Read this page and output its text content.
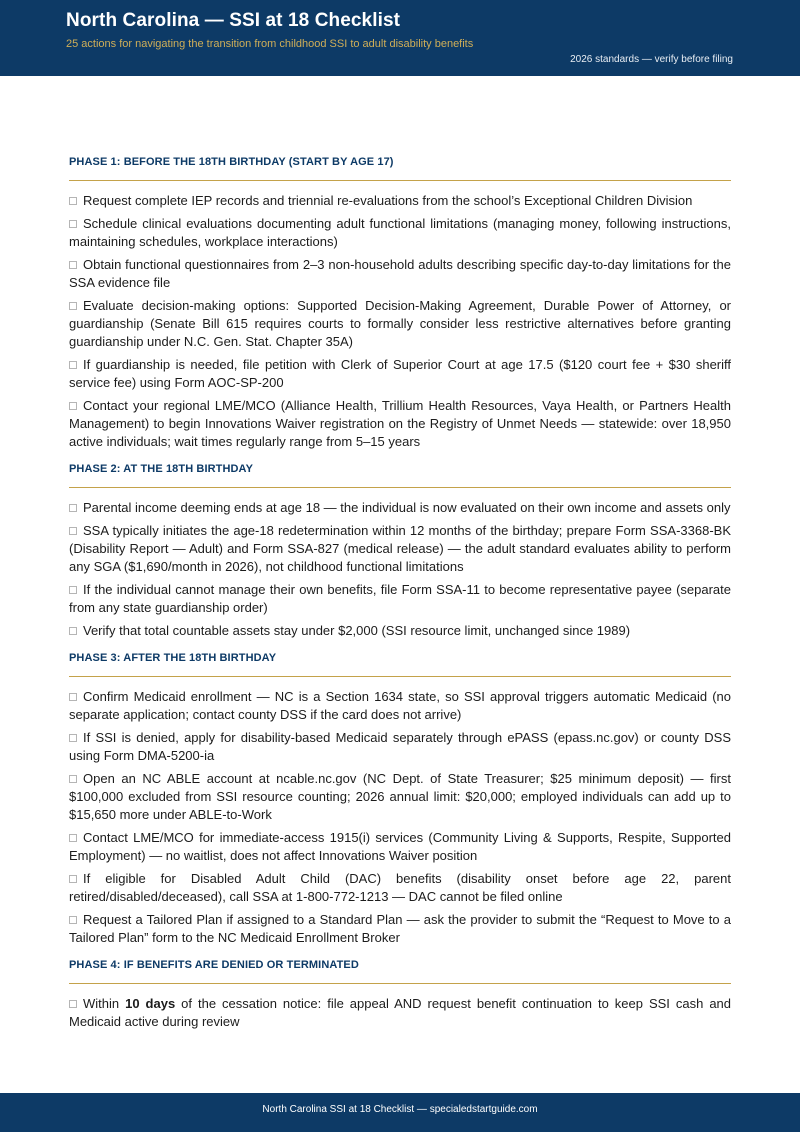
North Carolina — SSI at 18 Checklist
25 actions for navigating the transition from childhood SSI to adult disability benefits
2026 standards — verify before filing
PHASE 1: BEFORE THE 18TH BIRTHDAY (START BY AGE 17)
Request complete IEP records and triennial re-evaluations from the school’s Exceptional Children Division
Schedule clinical evaluations documenting adult functional limitations (managing money, following instructions, maintaining schedules, workplace interactions)
Obtain functional questionnaires from 2–3 non-household adults describing specific day-to-day limitations for the SSA evidence file
Evaluate decision-making options: Supported Decision-Making Agreement, Durable Power of Attorney, or guardianship (Senate Bill 615 requires courts to formally consider less restrictive alternatives before granting guardianship under N.C. Gen. Stat. Chapter 35A)
If guardianship is needed, file petition with Clerk of Superior Court at age 17.5 ($120 court fee + $30 sheriff service fee) using Form AOC-SP-200
Contact your regional LME/MCO (Alliance Health, Trillium Health Resources, Vaya Health, or Partners Health Management) to begin Innovations Waiver registration on the Registry of Unmet Needs — statewide: over 18,950 active individuals; wait times regularly range from 5–15 years
PHASE 2: AT THE 18TH BIRTHDAY
Parental income deeming ends at age 18 — the individual is now evaluated on their own income and assets only
SSA typically initiates the age-18 redetermination within 12 months of the birthday; prepare Form SSA-3368-BK (Disability Report — Adult) and Form SSA-827 (medical release) — the adult standard evaluates ability to perform any SGA ($1,690/month in 2026), not childhood functional limitations
If the individual cannot manage their own benefits, file Form SSA-11 to become representative payee (separate from any state guardianship order)
Verify that total countable assets stay under $2,000 (SSI resource limit, unchanged since 1989)
PHASE 3: AFTER THE 18TH BIRTHDAY
Confirm Medicaid enrollment — NC is a Section 1634 state, so SSI approval triggers automatic Medicaid (no separate application; contact county DSS if the card does not arrive)
If SSI is denied, apply for disability-based Medicaid separately through ePASS (epass.nc.gov) or county DSS using Form DMA-5200-ia
Open an NC ABLE account at ncable.nc.gov (NC Dept. of State Treasurer; $25 minimum deposit) — first $100,000 excluded from SSI resource counting; 2026 annual limit: $20,000; employed individuals can add up to $15,650 more under ABLE-to-Work
Contact LME/MCO for immediate-access 1915(i) services (Community Living & Supports, Respite, Supported Employment) — no waitlist, does not affect Innovations Waiver position
If eligible for Disabled Adult Child (DAC) benefits (disability onset before age 22, parent retired/disabled/deceased), call SSA at 1-800-772-1213 — DAC cannot be filed online
Request a Tailored Plan if assigned to a Standard Plan — ask the provider to submit the “Request to Move to a Tailored Plan” form to the NC Medicaid Enrollment Broker
PHASE 4: IF BENEFITS ARE DENIED OR TERMINATED
Within 10 days of the cessation notice: file appeal AND request benefit continuation to keep SSI cash and Medicaid active during review
North Carolina SSI at 18 Checklist — specialedstartguide.com
